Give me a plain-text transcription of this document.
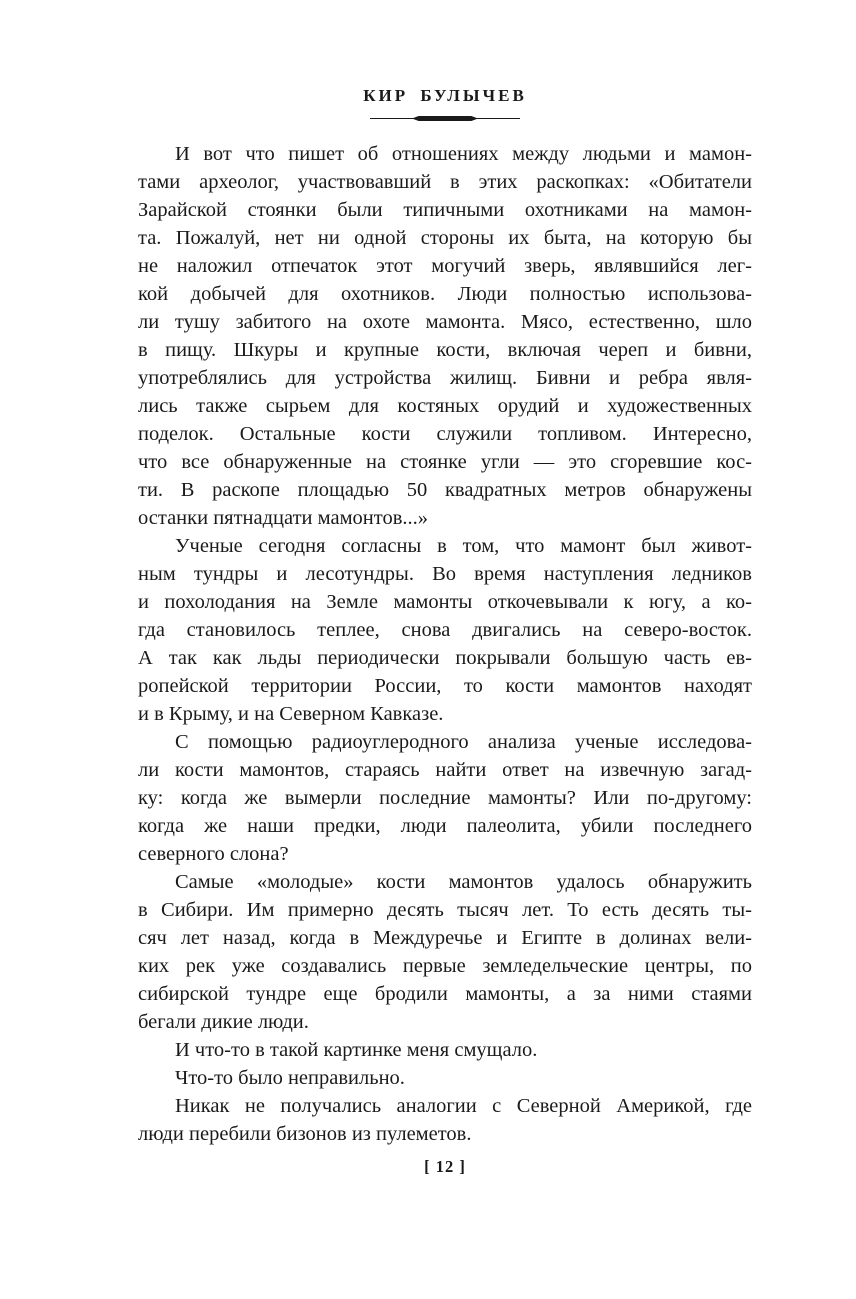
КИР БУЛЫЧЕВ
И вот что пишет об отношениях между людьми и мамон-
тами археолог, участвовавший в этих раскопках: «Обитатели
Зарайской стоянки были типичными охотниками на мамон-
та. Пожалуй, нет ни одной стороны их быта, на которую бы
не наложил отпечаток этот могучий зверь, являвшийся лег-
кой добычей для охотников. Люди полностью использова-
ли тушу забитого на охоте мамонта. Мясо, естественно, шло
в пищу. Шкуры и крупные кости, включая череп и бивни,
употреблялись для устройства жилищ. Бивни и ребра явля-
лись также сырьем для костяных орудий и художественных
поделок. Остальные кости служили топливом. Интересно,
что все обнаруженные на стоянке угли — это сгоревшие кос-
ти. В раскопе площадью 50 квадратных метров обнаружены
останки пятнадцати мамонтов...»
Ученые сегодня согласны в том, что мамонт был живот-
ным тундры и лесотундры. Во время наступления ледников
и похолодания на Земле мамонты откочевывали к югу, а ко-
гда становилось теплее, снова двигались на северо-восток.
А так как льды периодически покрывали большую часть ев-
ропейской территории России, то кости мамонтов находят
и в Крыму, и на Северном Кавказе.
С помощью радиоуглеродного анализа ученые исследова-
ли кости мамонтов, стараясь найти ответ на извечную загад-
ку: когда же вымерли последние мамонты? Или по-другому:
когда же наши предки, люди палеолита, убили последнего
северного слона?
Самые «молодые» кости мамонтов удалось обнаружить
в Сибири. Им примерно десять тысяч лет. То есть десять ты-
сяч лет назад, когда в Междуречье и Египте в долинах вели-
ких рек уже создавались первые земледельческие центры, по
сибирской тундре еще бродили мамонты, а за ними стаями
бегали дикие люди.
И что-то в такой картинке меня смущало.
Что-то было неправильно.
Никак не получались аналогии с Северной Америкой, где
люди перебили бизонов из пулеметов.
[ 12 ]
